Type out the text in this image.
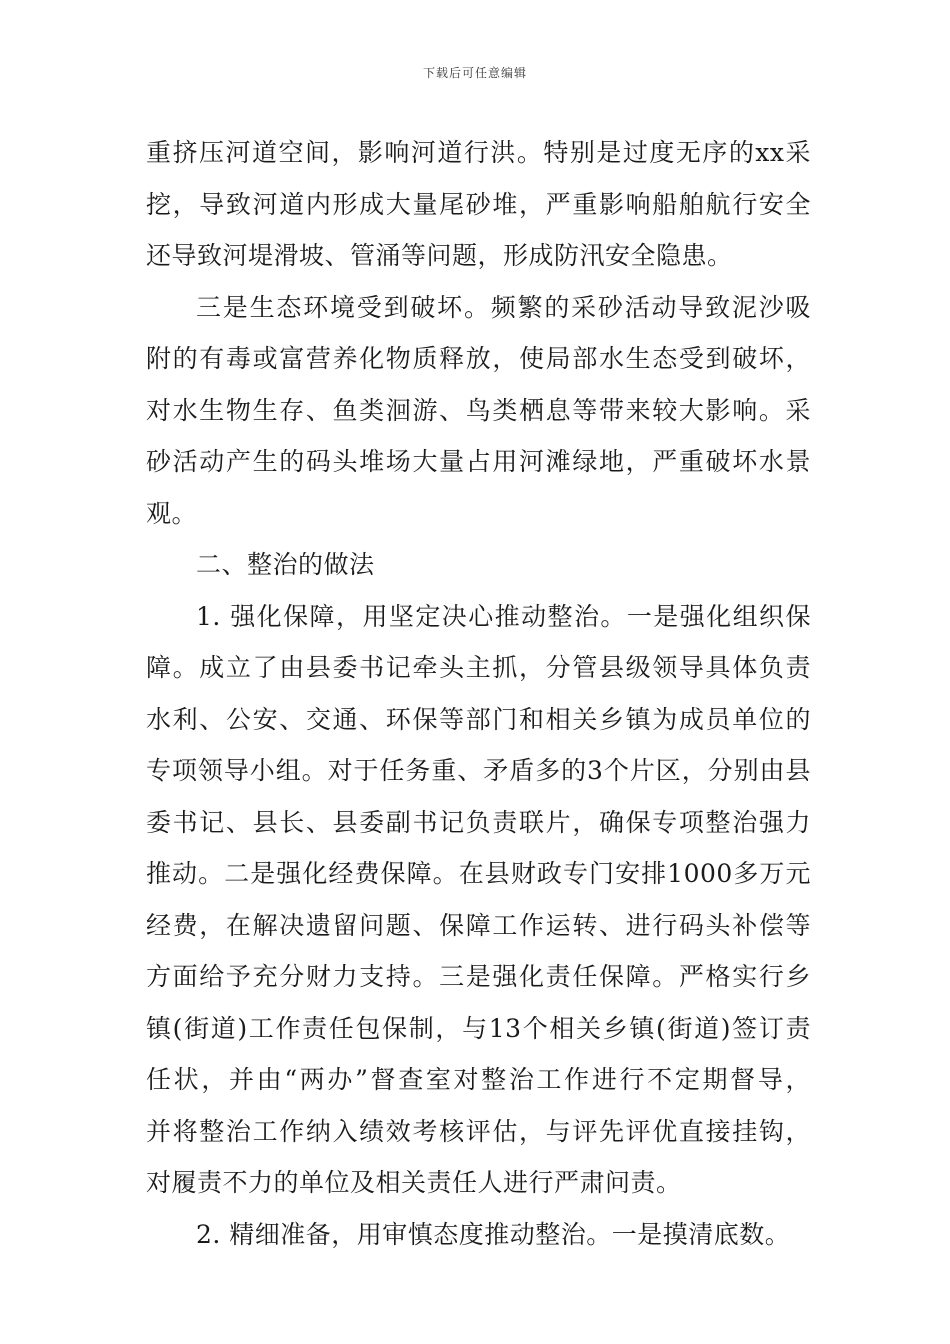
下载后可任意编辑
重挤压河道空间，影响河道行洪。特别是过度无序的xx采
挖，导致河道内形成大量尾砂堆，严重影响船舶航行安全
还导致河堤滑坡、管涌等问题，形成防汛安全隐患。
三是生态环境受到破坏。频繁的采砂活动导致泥沙吸
附的有毒或富营养化物质释放，使局部水生态受到破坏，
对水生物生存、鱼类洄游、鸟类栖息等带来较大影响。采
砂活动产生的码头堆场大量占用河滩绿地，严重破坏水景
观。
二、整治的做法
1. 强化保障，用坚定决心推动整治。一是强化组织保
障。成立了由县委书记牵头主抓，分管县级领导具体负责
水利、公安、交通、环保等部门和相关乡镇为成员单位的
专项领导小组。对于任务重、矛盾多的3个片区，分别由县
委书记、县长、县委副书记负责联片，确保专项整治强力
推动。二是强化经费保障。在县财政专门安排1000多万元
经费，在解决遗留问题、保障工作运转、进行码头补偿等
方面给予充分财力支持。三是强化责任保障。严格实行乡
镇(街道)工作责任包保制，与13个相关乡镇(街道)签订责
任状，并由“两办”督查室对整治工作进行不定期督导，
并将整治工作纳入绩效考核评估，与评先评优直接挂钩，
对履责不力的单位及相关责任人进行严肃问责。
2. 精细准备，用审慎态度推动整治。一是摸清底数。
